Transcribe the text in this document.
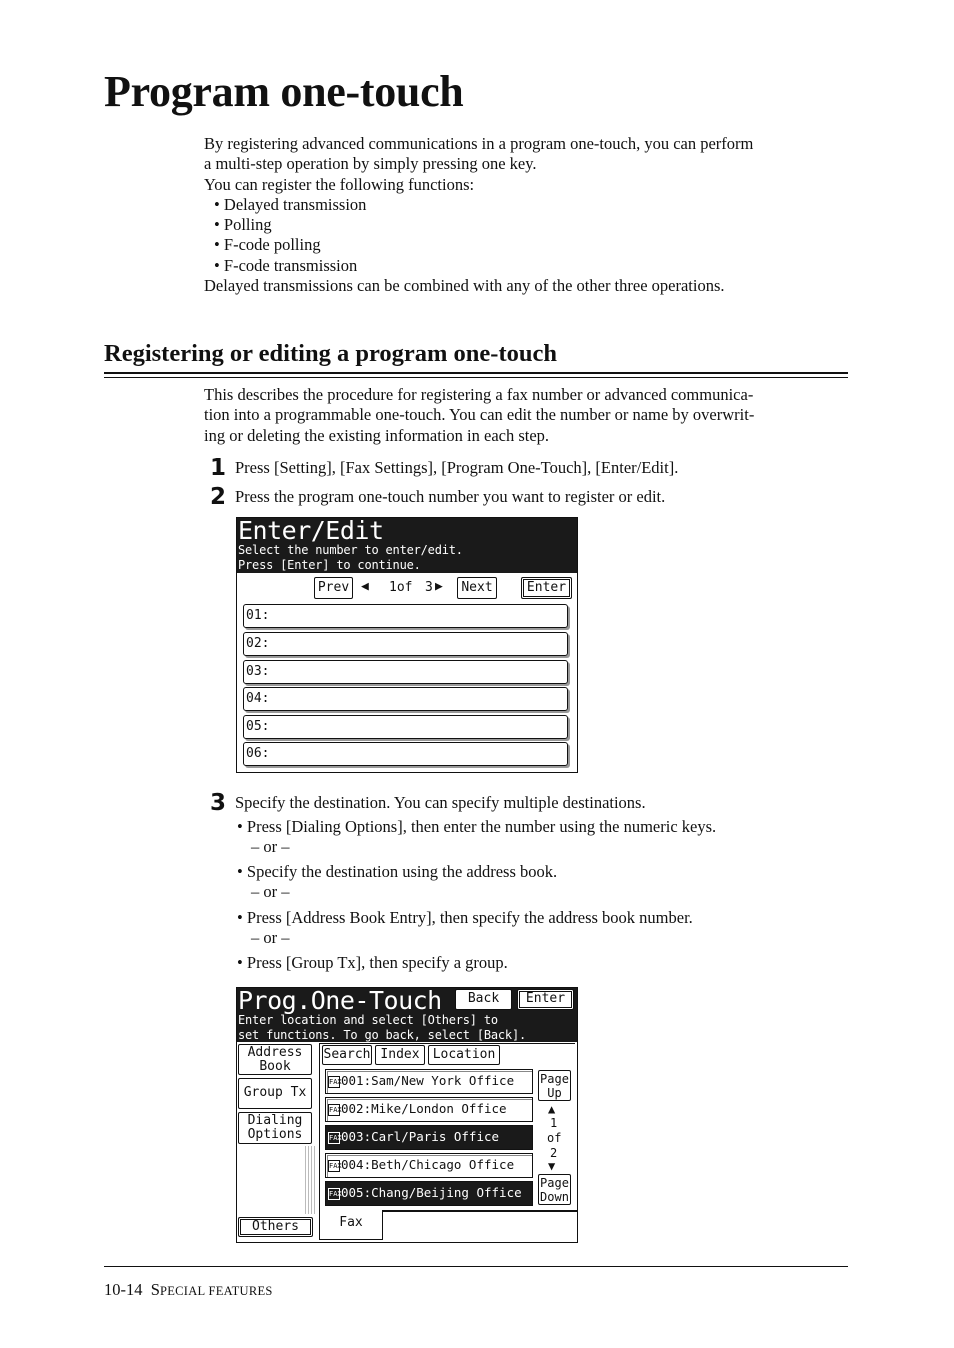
Program one-touch

By registering advanced communications in a program one-touch, you can perform

a multi-step operation by simply pressing one key.

You can register the following functions:

• Delayed transmission
• Polling
• F-code polling
• F-code transmission

Delayed transmissions can be combined with any of the other three operations.

Registering or editing a program one-touch

This describes the procedure for registering a fax number or advanced communica-

tion into a programmable one-touch. You can edit the number or name by overwrit-

ing or deleting the existing information in each step.

1 Press [Setting], [Fax Settings], [Program One-Touch], [Enter/Edit].
2 Press the program one-touch number you want to register or edit.
Enter/Edit
Select the number to enter/edit.
Press [Enter] to continue.
Prev ◀ 1of 3 ▶	Next	Enter
01:
02:
03:
04:
05:
06:
3 Specify the destination. You can specify multiple destinations.
• Press [Dialing Options], then enter the number using the numeric keys.
– or –
• Specify the destination using the address book.
– or –
• Press [Address Book Entry], then specify the address book number.
– or –
• Press [Group Tx], then specify a group.
Prog.One-Touch
Enter location and select [Others] to
set functions. To go back, select [Back].
Back	Enter
Address
Book
Group Tx
Dialing
Options
Others
Search Index	Location
FAX 001:Sam/New York Office
FAX 002:Mike/London Office
FAX 003:Carl/Paris Office
FAX 004:Beth/Chicago Office
FAX 005:Chang/Beijing Office
Page
Up
▲
1
of
2
▼
Page
Down
Fax
10-14 SPECIAL FEATURES
